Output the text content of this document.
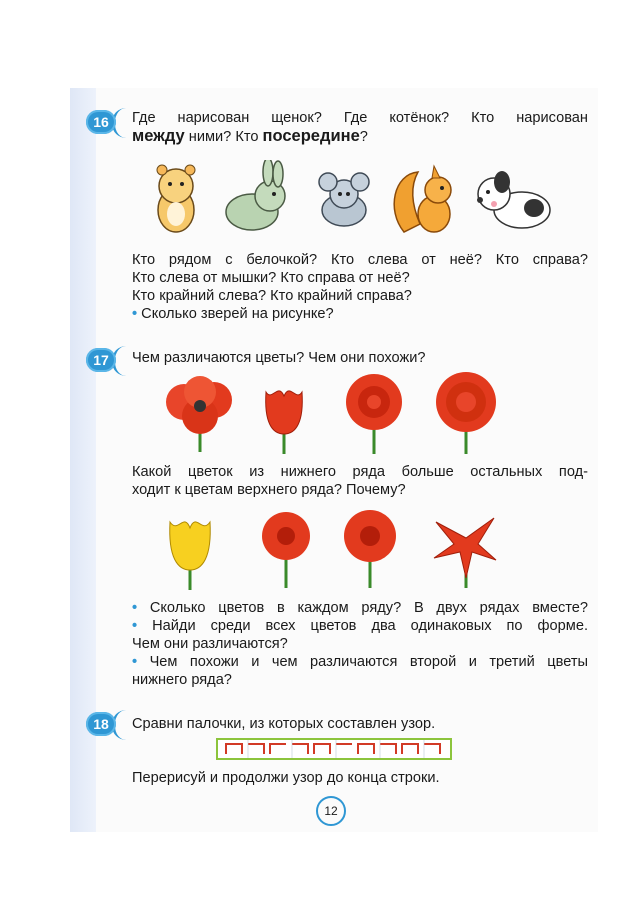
16	Где нарисован щенок? Где котёнок? Кто нарисован
между ними? Кто посередине?
Кто рядом с белочкой? Кто слева от неё? Кто справа?
Кто слева от мышки? Кто справа от неё?
Кто крайний слева? Кто крайний справа?
• Сколько зверей на рисунке?
17	Чем различаются цветы? Чем они похожи?
Какой цветок из нижнего ряда больше остальных под-
ходит к цветам верхнего ряда? Почему?
• Сколько цветов в каждом ряду? В двух рядах вместе?
• Найди среди всех цветов два одинаковых по форме.
Чем они различаются?
• Чем похожи и чем различаются второй и третий цветы
нижнего ряда?
18	Сравни палочки, из которых составлен узор.
Перерисуй и продолжи узор до конца строки.
12
